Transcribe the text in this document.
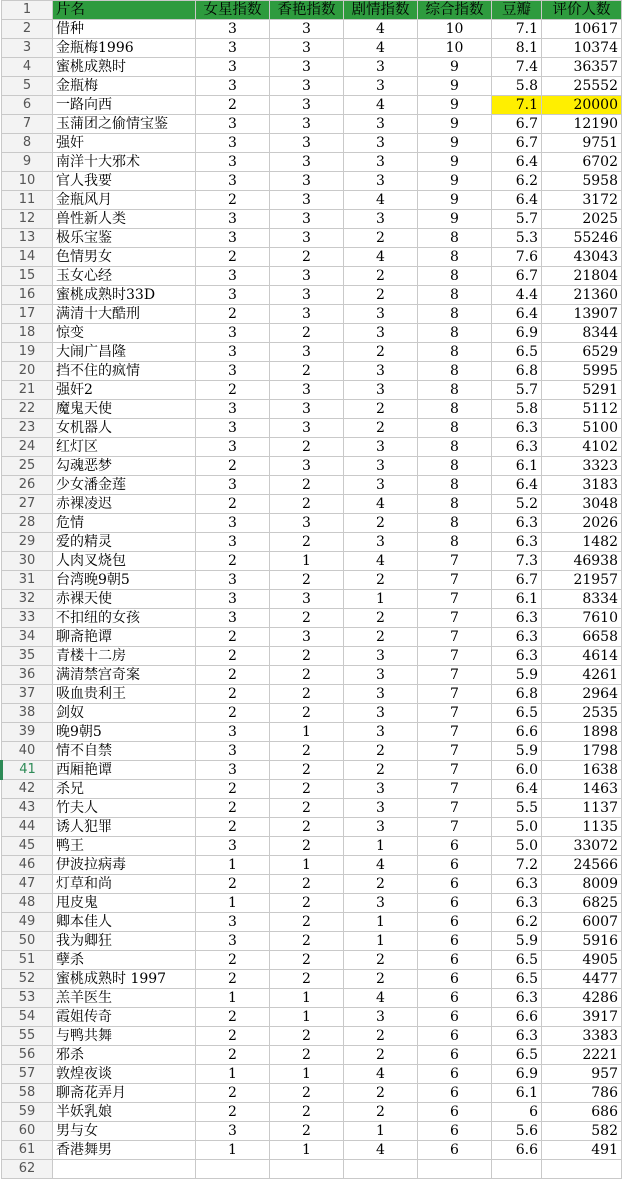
1	片名	女星指数	香艳指数	剧情指数	综合指数	豆瓣	评价人数
2	借种	3	3	4	10	7.1	10617
3	金瓶梅1996	3	3	4	10	8.1	10374
4	蜜桃成熟时	3	3	3	9	7.4	36357
5	金瓶梅	3	3	3	9	5.8	25552
6	一路向西	2	3	4	9	7.1	20000
7	玉蒲团之偷情宝鉴	3	3	3	9	6.7	12190
8	强奸	3	3	3	9	6.7	9751
9	南洋十大邪术	3	3	3	9	6.4	6702
10	官人我要	3	3	3	9	6.2	5958
11	金瓶风月	2	3	4	9	6.4	3172
12	兽性新人类	3	3	3	9	5.7	2025
13	极乐宝鉴	3	3	2	8	5.3	55246
14	色情男女	2	2	4	8	7.6	43043
15	玉女心经	3	3	2	8	6.7	21804
16	蜜桃成熟时33D	3	3	2	8	4.4	21360
17	满清十大酷刑	2	3	3	8	6.4	13907
18	惊变	3	2	3	8	6.9	8344
19	大闹广昌隆	3	3	2	8	6.5	6529
20	挡不住的疯情	3	2	3	8	6.8	5995
21	强奸2	2	3	3	8	5.7	5291
22	魔鬼天使	3	3	2	8	5.8	5112
23	女机器人	3	3	2	8	6.3	5100
24	红灯区	3	2	3	8	6.3	4102
25	勾魂恶梦	2	3	3	8	6.1	3323
26	少女潘金莲	3	2	3	8	6.4	3183
27	赤裸凌迟	2	2	4	8	5.2	3048
28	危情	3	3	2	8	6.3	2026
29	爱的精灵	3	2	3	8	6.3	1482
30	人肉叉烧包	2	1	4	7	7.3	46938
31	台湾晚9朝5	3	2	2	7	6.7	21957
32	赤裸天使	3	3	1	7	6.1	8334
33	不扣纽的女孩	3	2	2	7	6.3	7610
34	聊斋艳谭	2	3	2	7	6.3	6658
35	青楼十二房	2	2	3	7	6.3	4614
36	满清禁宫奇案	2	2	3	7	5.9	4261
37	吸血贵利王	2	2	3	7	6.8	2964
38	剑奴	2	2	3	7	6.5	2535
39	晚9朝5	3	1	3	7	6.6	1898
40	情不自禁	3	2	2	7	5.9	1798
41	西厢艳谭	3	2	2	7	6.0	1638
42	杀兄	2	2	3	7	6.4	1463
43	竹夫人	2	2	3	7	5.5	1137
44	诱人犯罪	2	2	3	7	5.0	1135
45	鸭王	3	2	1	6	5.0	33072
46	伊波拉病毒	1	1	4	6	7.2	24566
47	灯草和尚	2	2	2	6	6.3	8009
48	甩皮鬼	1	2	3	6	6.3	6825
49	卿本佳人	3	2	1	6	6.2	6007
50	我为卿狂	3	2	1	6	5.9	5916
51	孽杀	2	2	2	6	6.5	4905
52	蜜桃成熟时 1997	2	2	2	6	6.5	4477
53	羔羊医生	1	1	4	6	6.3	4286
54	霞姐传奇	2	1	3	6	6.6	3917
55	与鸭共舞	2	2	2	6	6.3	3383
56	邪杀	2	2	2	6	6.5	2221
57	敦煌夜谈	1	1	4	6	6.9	957
58	聊斋花弄月	2	2	2	6	6.1	786
59	半妖乳娘	2	2	2	6	6	686
60	男与女	3	2	1	6	5.6	582
61	香港舞男	1	1	4	6	6.6	491
62							
